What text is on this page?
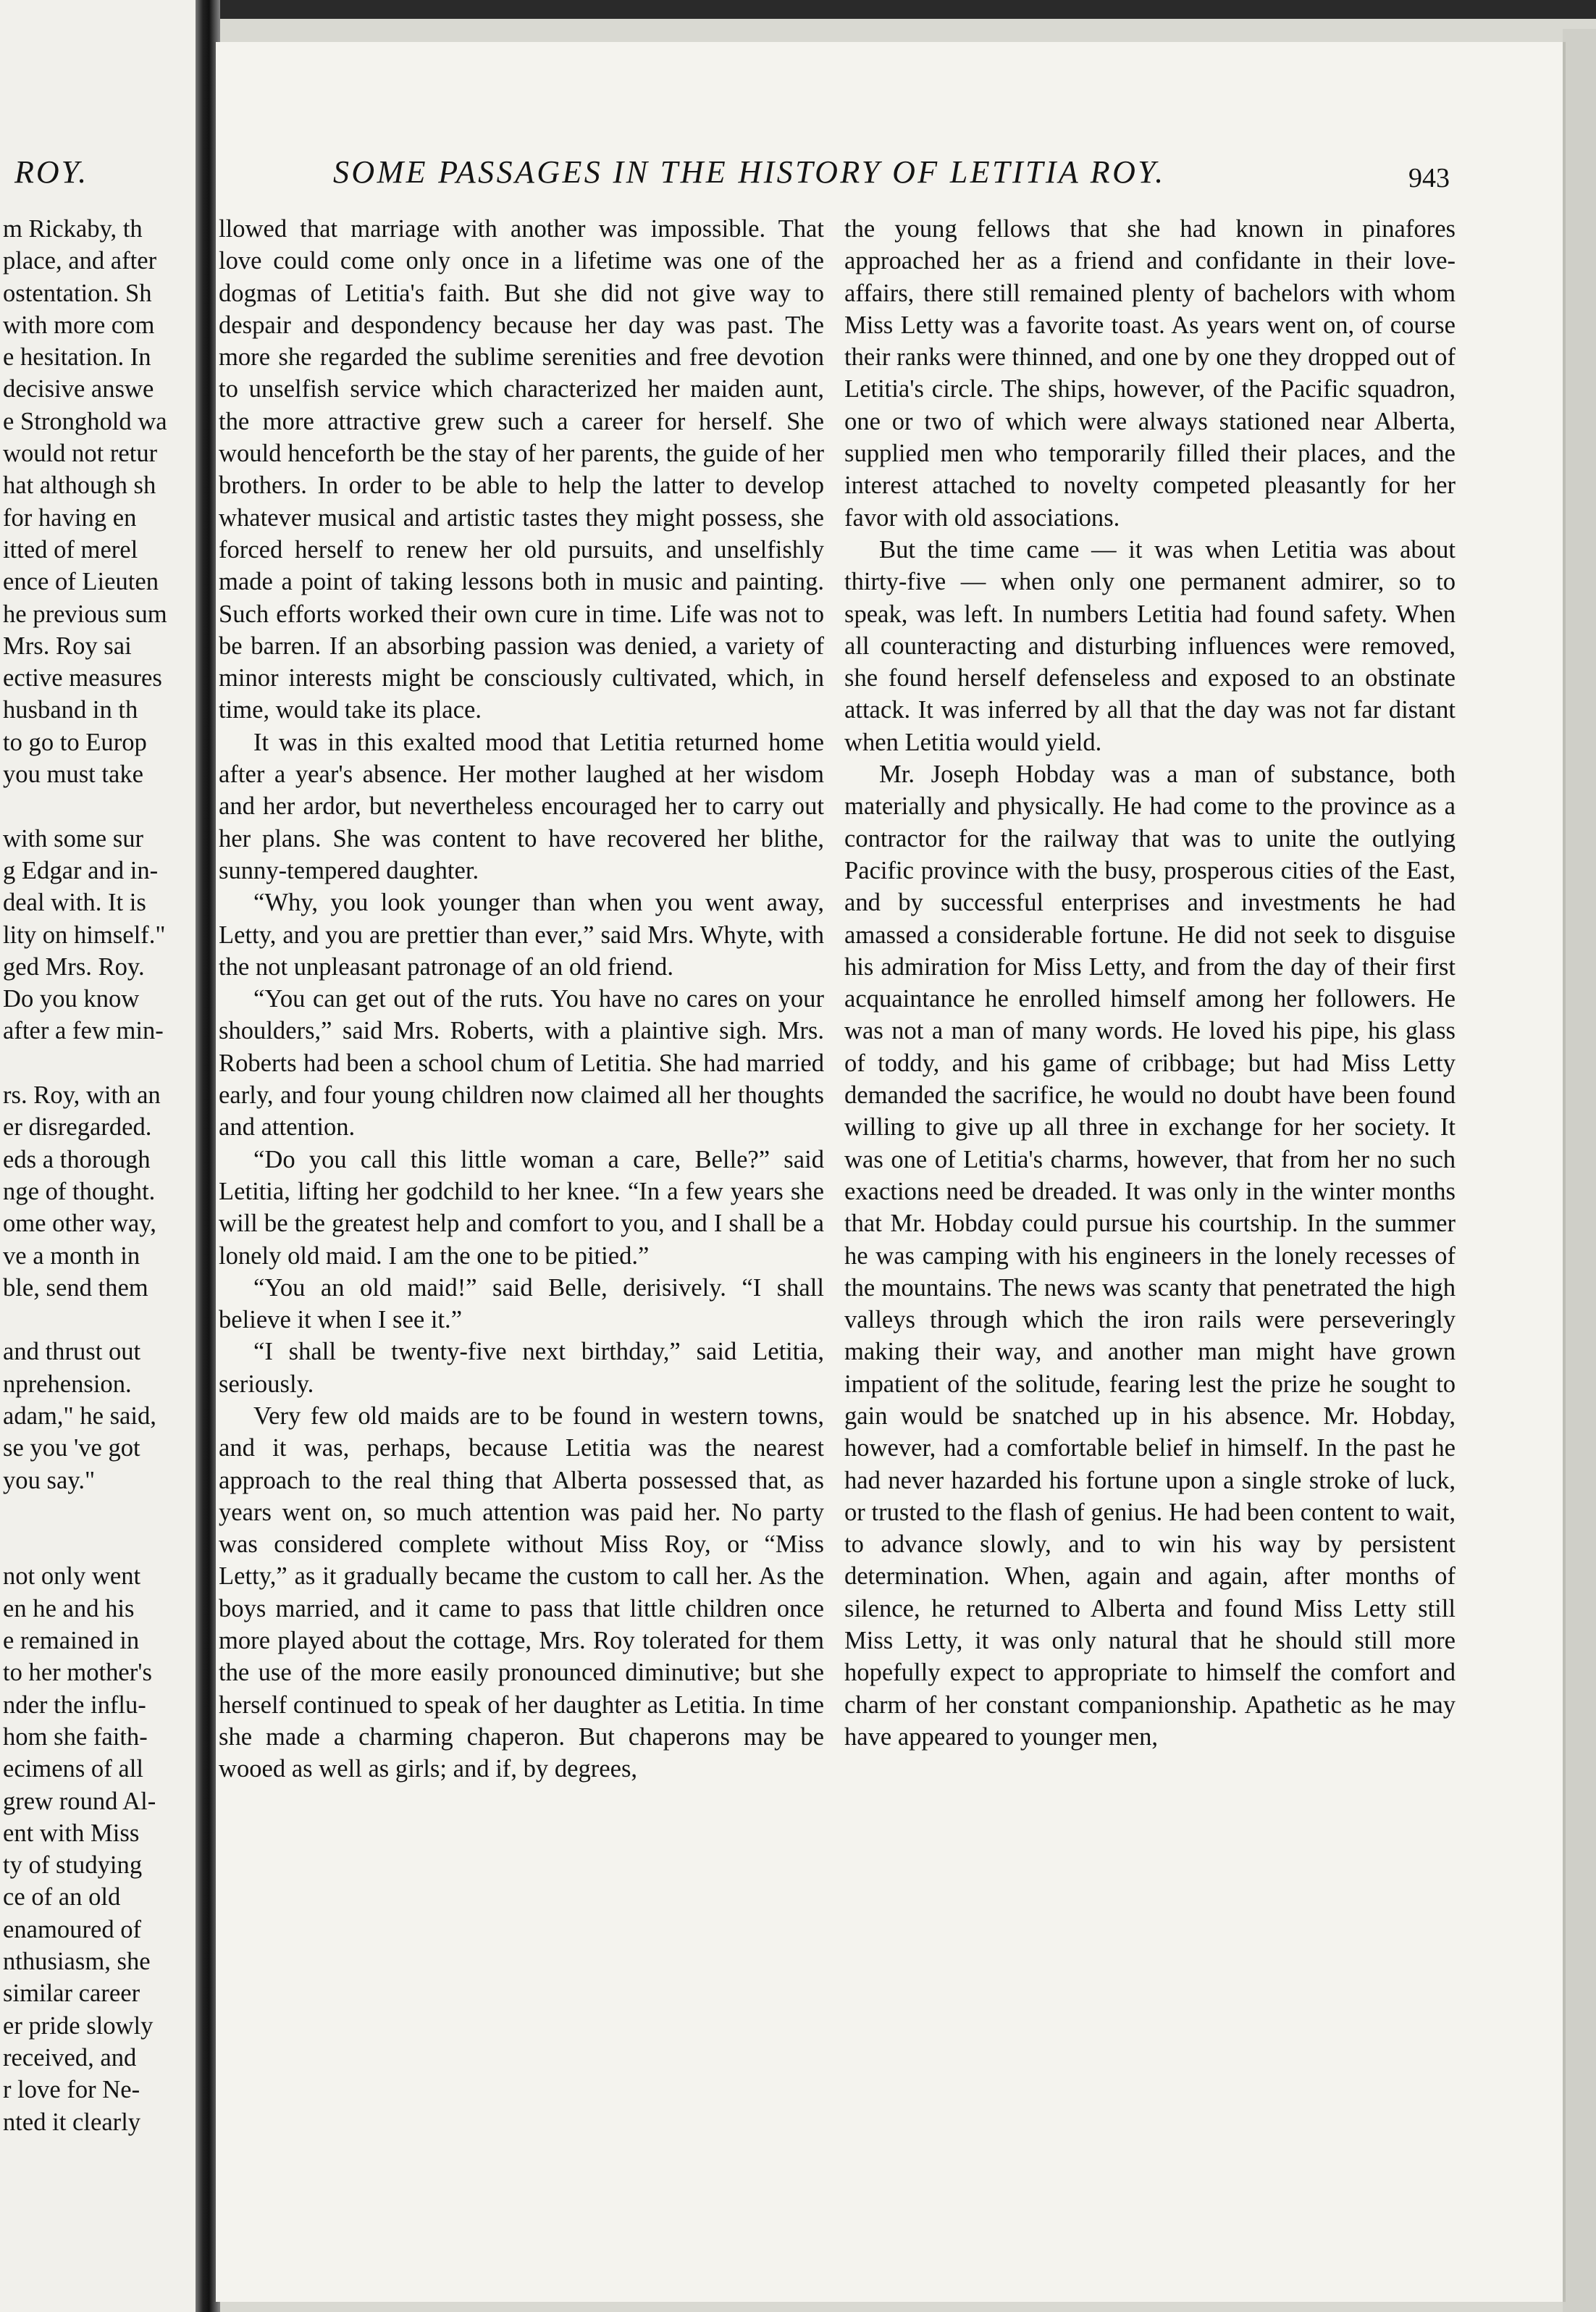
ROY.
m Rickaby, th
place, and after
ostentation. Sh
with more com
e hesitation. In
decisive answe
e Stronghold wa
would not retur
hat although sh
for having en
itted of merel
ence of Lieuten
he previous sum
Mrs. Roy sai
ective measures
husband in th
to go to Europ
you must take

with some sur
g Edgar and in-
deal with. It is
lity on himself."
ged Mrs. Roy.
Do you know
after a few min-

rs. Roy, with an
er disregarded.
eds a thorough
nge of thought.
ome other way,
ve a month in
ble, send them

and thrust out
nprehension.
adam," he said,
se you 've got
you say."

not only went
en he and his
e remained in
to her mother's
nder the influ-
hom she faith-
ecimens of all
grew round Al-
ent with Miss
ty of studying
ce of an old
enamoured of
nthusiasm, she
similar career
er pride slowly
received, and
r love for Ne-
nted it clearly
SOME PASSAGES IN THE HISTORY OF LETITIA ROY.	943

llowed that marriage with another was impossible. That love could come only once in a lifetime was one of the dogmas of Letitia's faith. But she did not give way to despair and despondency because her day was past. The more she regarded the sublime serenities and free devotion to unselfish service which characterized her maiden aunt, the more attractive grew such a career for herself. She would henceforth be the stay of her parents, the guide of her brothers. In order to be able to help the latter to develop whatever musical and artistic tastes they might possess, she forced herself to renew her old pursuits, and unselfishly made a point of taking lessons both in music and painting. Such efforts worked their own cure in time. Life was not to be barren. If an absorbing passion was denied, a variety of minor interests might be consciously cultivated, which, in time, would take its place.

It was in this exalted mood that Letitia returned home after a year's absence. Her mother laughed at her wisdom and her ardor, but nevertheless encouraged her to carry out her plans. She was content to have recovered her blithe, sunny-tempered daughter.

“Why, you look younger than when you went away, Letty, and you are prettier than ever,” said Mrs. Whyte, with the not unpleasant patronage of an old friend.

“You can get out of the ruts. You have no cares on your shoulders,” said Mrs. Roberts, with a plaintive sigh. Mrs. Roberts had been a school chum of Letitia. She had married early, and four young children now claimed all her thoughts and attention.

“Do you call this little woman a care, Belle?” said Letitia, lifting her godchild to her knee. “In a few years she will be the greatest help and comfort to you, and I shall be a lonely old maid. I am the one to be pitied.”

“You an old maid!” said Belle, derisively. “I shall believe it when I see it.”

“I shall be twenty-five next birthday,” said Letitia, seriously.

Very few old maids are to be found in western towns, and it was, perhaps, because Letitia was the nearest approach to the real thing that Alberta possessed that, as years went on, so much attention was paid her. No party was considered complete without Miss Roy, or “Miss Letty,” as it gradually became the custom to call her. As the boys married, and it came to pass that little children once more played about the cottage, Mrs. Roy tolerated for them the use of the more easily pronounced diminutive; but she herself continued to speak of her daughter as Letitia. In time she made a charming chaperon. But chaperons may be wooed as well as girls; and if, by degrees,

the young fellows that she had known in pinafores approached her as a friend and confidante in their love-affairs, there still remained plenty of bachelors with whom Miss Letty was a favorite toast. As years went on, of course their ranks were thinned, and one by one they dropped out of Letitia's circle. The ships, however, of the Pacific squadron, one or two of which were always stationed near Alberta, supplied men who temporarily filled their places, and the interest attached to novelty competed pleasantly for her favor with old associations.

But the time came — it was when Letitia was about thirty-five — when only one permanent admirer, so to speak, was left. In numbers Letitia had found safety. When all counteracting and disturbing influences were removed, she found herself defenseless and exposed to an obstinate attack. It was inferred by all that the day was not far distant when Letitia would yield.

Mr. Joseph Hobday was a man of substance, both materially and physically. He had come to the province as a contractor for the railway that was to unite the outlying Pacific province with the busy, prosperous cities of the East, and by successful enterprises and investments he had amassed a considerable fortune. He did not seek to disguise his admiration for Miss Letty, and from the day of their first acquaintance he enrolled himself among her followers. He was not a man of many words. He loved his pipe, his glass of toddy, and his game of cribbage; but had Miss Letty demanded the sacrifice, he would no doubt have been found willing to give up all three in exchange for her society. It was one of Letitia's charms, however, that from her no such exactions need be dreaded. It was only in the winter months that Mr. Hobday could pursue his courtship. In the summer he was camping with his engineers in the lonely recesses of the mountains. The news was scanty that penetrated the high valleys through which the iron rails were perseveringly making their way, and another man might have grown impatient of the solitude, fearing lest the prize he sought to gain would be snatched up in his absence. Mr. Hobday, however, had a comfortable belief in himself. In the past he had never hazarded his fortune upon a single stroke of luck, or trusted to the flash of genius. He had been content to wait, to advance slowly, and to win his way by persistent determination. When, again and again, after months of silence, he returned to Alberta and found Miss Letty still Miss Letty, it was only natural that he should still more hopefully expect to appropriate to himself the comfort and charm of her constant companionship. Apathetic as he may have appeared to younger men,
